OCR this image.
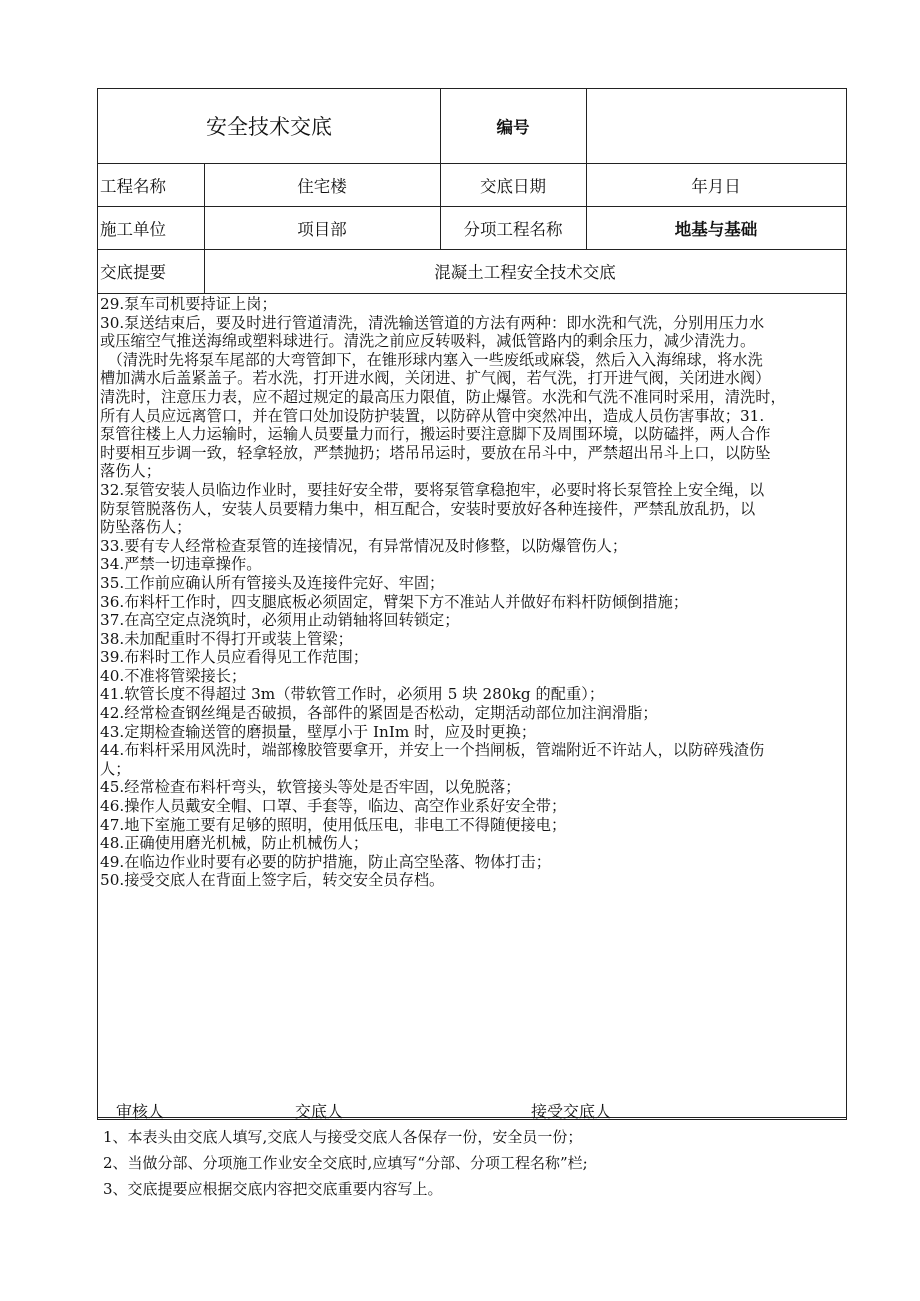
安全技术交底	编号
工程名称	住宅楼	交底日期	年月日
施工单位	项目部	分项工程名称	地基与基础
交底提要	混凝土工程安全技术交底
29.泵车司机要持证上岗；
30.泵送结束后，要及时进行管道清洗，清洗输送管道的方法有两种：即水洗和气洗，分别用压力水
或压缩空气推送海绵或塑料球进行。清洗之前应反转吸料，减低管路内的剩余压力，减少清洗力。
　（清洗时先将泵车尾部的大弯管卸下，在锥形球内塞入一些废纸或麻袋，然后入入海绵球，将水洗
槽加满水后盖紧盖子。若水洗，打开进水阀，关闭进、扩气阀，若气洗，打开进气阀，关闭进水阀）
清洗时，注意压力表，应不超过规定的最高压力限值，防止爆管。水洗和气洗不准同时采用，清洗时，
所有人员应远离管口，并在管口处加设防护装置，以防碎从管中突然冲出，造成人员伤害事故；31.
泵管往楼上人力运输时，运输人员要量力而行，搬运时要注意脚下及周围环境，以防磕拌，两人合作
时要相互步调一致，轻拿轻放，严禁抛扔；塔吊吊运时，要放在吊斗中，严禁超出吊斗上口，以防坠
落伤人；
32.泵管安装人员临边作业时，要挂好安全带，要将泵管拿稳抱牢，必要时将长泵管拴上安全绳，以
防泵管脱落伤人，安装人员要精力集中，相互配合，安装时要放好各种连接件，严禁乱放乱扔，以
防坠落伤人；
33.要有专人经常检查泵管的连接情况，有异常情况及时修整，以防爆管伤人；
34.严禁一切违章操作。
35.工作前应确认所有管接头及连接件完好、牢固；
36.布料杆工作时，四支腿底板必须固定，臂架下方不准站人并做好布料杆防倾倒措施；
37.在高空定点浇筑时，必须用止动销轴将回转锁定；
38.未加配重时不得打开或装上管梁；
39.布料时工作人员应看得见工作范围；
40.不准将管梁接长；
41.软管长度不得超过 3m（带软管工作时，必须用 5 块 280kg 的配重）；
42.经常检查钢丝绳是否破损，各部件的紧固是否松动，定期活动部位加注润滑脂；
43.定期检查输送管的磨损量，壁厚小于 InIm 时，应及时更换；
44.布料杆采用风洗时，端部橡胶管要拿开，并安上一个挡闸板，管端附近不许站人，以防碎残渣伤
人；
45.经常检查布料杆弯头，软管接头等处是否牢固，以免脱落；
46.操作人员戴安全帽、口罩、手套等，临边、高空作业系好安全带；
47.地下室施工要有足够的照明，使用低压电，非电工不得随便接电；
48.正确使用磨光机械，防止机械伤人；
49.在临边作业时要有必要的防护措施，防止高空坠落、物体打击；
50.接受交底人在背面上签字后，转交安全员存档。
审核人	交底人	接受交底人
1、本表头由交底人填写,交底人与接受交底人各保存一份，安全员一份；
2、当做分部、分项施工作业安全交底时,应填写“分部、分项工程名称”栏;
3、交底提要应根据交底内容把交底重要内容写上。
